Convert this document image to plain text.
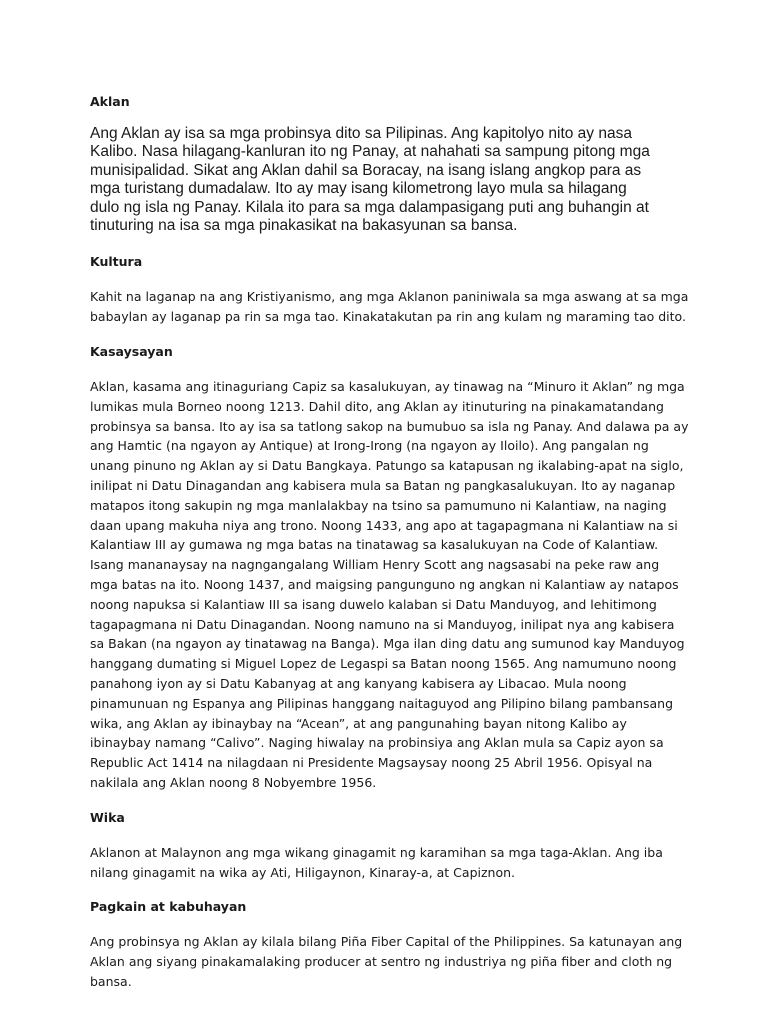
Aklan

Ang Aklan ay isa sa mga probinsya dito sa Pilipinas. Ang kapitolyo nito ay nasa Kalibo. Nasa hilagang-kanluran ito ng Panay, at nahahati sa sampung pitong mga munisipalidad. Sikat ang Aklan dahil sa Boracay, na isang islang angkop para as mga turistang dumadalaw. Ito ay may isang kilometrong layo mula sa hilagang dulo ng isla ng Panay. Kilala ito para sa mga dalampasigang puti ang buhangin at tinuturing na isa sa mga pinakasikat na bakasyunan sa bansa.

Kultura

Kahit na laganap na ang Kristiyanismo, ang mga Aklanon paniniwala sa mga aswang at sa mga babaylan ay laganap pa rin sa mga tao. Kinakatakutan pa rin ang kulam ng maraming tao dito.

Kasaysayan

Aklan, kasama ang itinaguriang Capiz sa kasalukuyan, ay tinawag na “Minuro it Aklan” ng mga lumikas mula Borneo noong 1213. Dahil dito, ang Aklan ay itinuturing na pinakamatandang probinsya sa bansa. Ito ay isa sa tatlong sakop na bumubuo sa isla ng Panay. And dalawa pa ay ang Hamtic (na ngayon ay Antique) at Irong-Irong (na ngayon ay Iloilo). Ang pangalan ng unang pinuno ng Aklan ay si Datu Bangkaya. Patungo sa katapusan ng ikalabing-apat na siglo, inilipat ni Datu Dinagandan ang kabisera mula sa Batan ng pangkasalukuyan. Ito ay naganap matapos itong sakupin ng mga manlalakbay na tsino sa pamumuno ni Kalantiaw, na naging daan upang makuha niya ang trono. Noong 1433, ang apo at tagapagmana ni Kalantiaw na si Kalantiaw III ay gumawa ng mga batas na tinatawag sa kasalukuyan na Code of Kalantiaw. Isang mananaysay na nagngangalang William Henry Scott ang nagsasabi na peke raw ang mga batas na ito. Noong 1437, and maigsing pangunguno ng angkan ni Kalantiaw ay natapos noong napuksa si Kalantiaw III sa isang duwelo kalaban si Datu Manduyog, and lehitimong tagapagmana ni Datu Dinagandan. Noong namuno na si Manduyog, inilipat nya ang kabisera sa Bakan (na ngayon ay tinatawag na Banga). Mga ilan ding datu ang sumunod kay Manduyog hanggang dumating si Miguel Lopez de Legaspi sa Batan noong 1565. Ang namumuno noong panahong iyon ay si Datu Kabanyag at ang kanyang kabisera ay Libacao. Mula noong pinamunuan ng Espanya ang Pilipinas hanggang naitaguyod ang Pilipino bilang pambansang wika, ang Aklan ay ibinaybay na “Acean”, at ang pangunahing bayan nitong Kalibo ay ibinaybay namang “Calivo”. Naging hiwalay na probinsiya ang Aklan mula sa Capiz ayon sa Republic Act 1414 na nilagdaan ni Presidente Magsaysay noong 25 Abril 1956. Opisyal na nakilala ang Aklan noong 8 Nobyembre 1956.

Wika

Aklanon at Malaynon ang mga wikang ginagamit ng karamihan sa mga taga-Aklan. Ang iba nilang ginagamit na wika ay Ati, Hiligaynon, Kinaray-a, at Capiznon.

Pagkain at kabuhayan

Ang probinsya ng Aklan ay kilala bilang Piña Fiber Capital of the Philippines. Sa katunayan ang Aklan ang siyang pinakamalaking producer at sentro ng industriya ng piña fiber and cloth ng bansa.
